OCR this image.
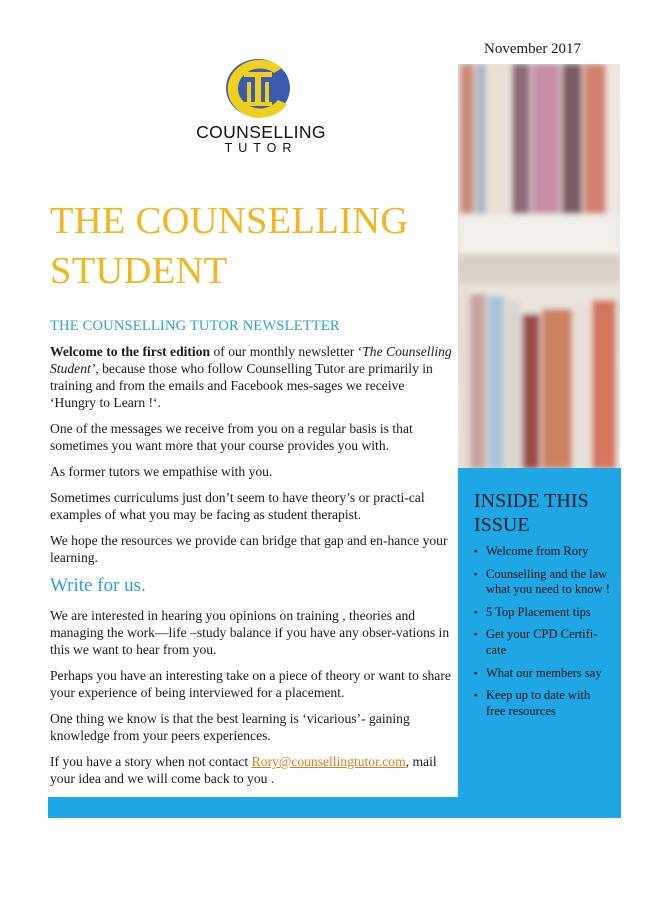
November 2017
COUNSELLING
TUTOR
INSIDE THIS ISSUE
▪ Welcome from Rory
▪ Counselling and the law what you need to know !
▪ 5 Top Placement tips
▪ Get your CPD Certifi-cate
▪ What our members say
▪ Keep up to date with free resources
THE COUNSELLING STUDENT
THE COUNSELLING TUTOR NEWSLETTER

Welcome to the first edition of our monthly newsletter ‘The Counselling Student’, because those who follow Counselling Tutor are primarily in training and from the emails and Facebook mes-sages we receive ‘Hungry to Learn !‘.

One of the messages we receive from you on a regular basis is that sometimes you want more that your course provides you with.

As former tutors we empathise with you.

Sometimes curriculums just don’t seem to have theory’s or practi-cal examples of what you may be facing as student therapist.

We hope the resources we provide can bridge that gap and en-hance your learning.

Write for us.

We are interested in hearing you opinions on training , theories and managing the work—life –study balance if you have any obser-vations in this we want to hear from you.

Perhaps you have an interesting take on a piece of theory or want to share your experience of being interviewed for a placement.

One thing we know is that the best learning is ‘vicarious’- gaining knowledge from your peers experiences.

If you have a story when not contact Rory@counsellingtutor.com, mail your idea and we will come back to you .
